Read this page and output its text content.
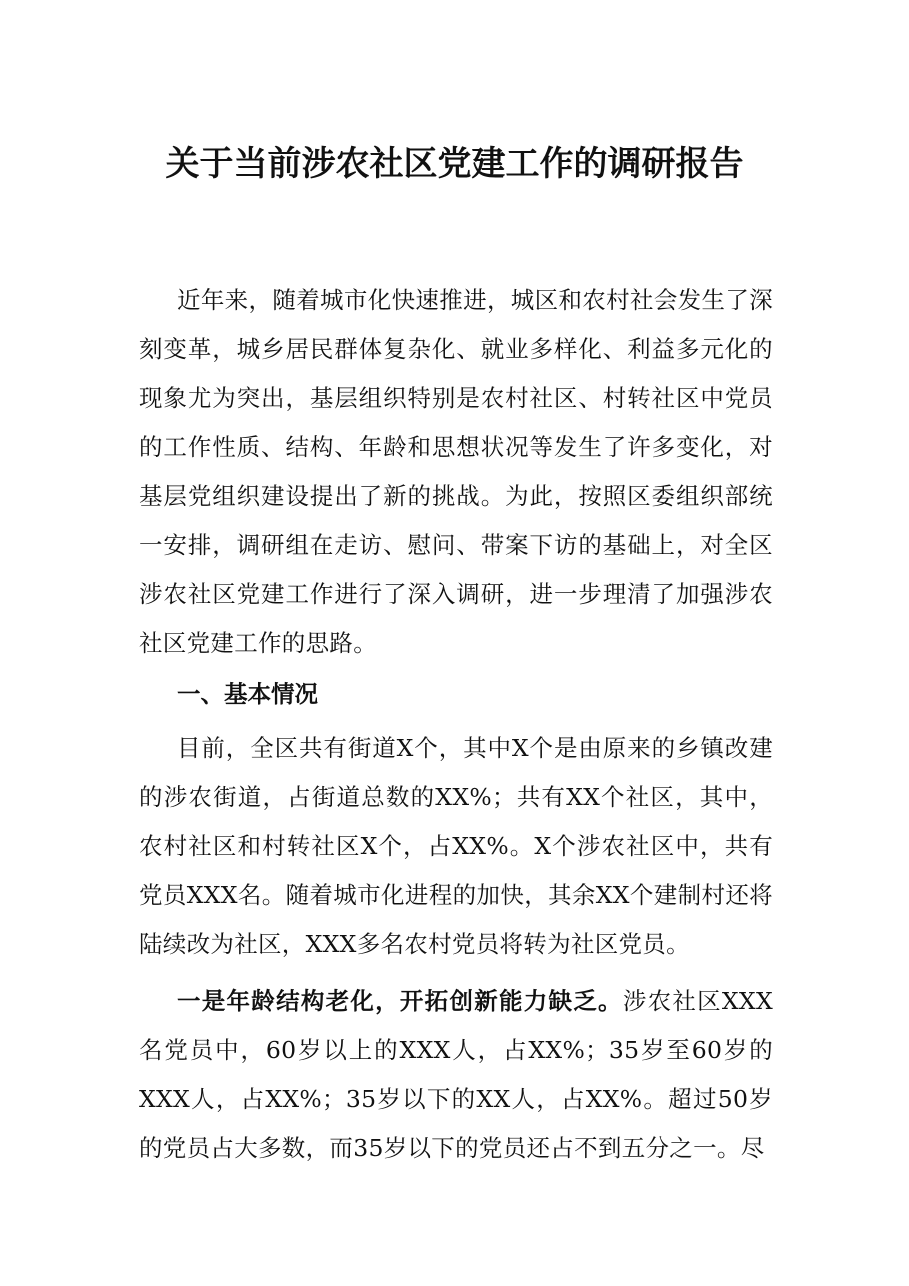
关于当前涉农社区党建工作的调研报告

近年来，随着城市化快速推进，城区和农村社会发生了深刻变革，城乡居民群体复杂化、就业多样化、利益多元化的现象尤为突出，基层组织特别是农村社区、村转社区中党员的工作性质、结构、年龄和思想状况等发生了许多变化，对基层党组织建设提出了新的挑战。为此，按照区委组织部统一安排，调研组在走访、慰问、带案下访的基础上，对全区涉农社区党建工作进行了深入调研，进一步理清了加强涉农社区党建工作的思路。

一、基本情况

目前，全区共有街道X个，其中X个是由原来的乡镇改建的涉农街道，占街道总数的XX%；共有XX个社区，其中，农村社区和村转社区X个，占XX%。X个涉农社区中，共有党员XXX名。随着城市化进程的加快，其余XX个建制村还将陆续改为社区，XXX多名农村党员将转为社区党员。

一是年龄结构老化，开拓创新能力缺乏。涉农社区XXX名党员中，60岁以上的XXX人，占XX%；35岁至60岁的XXX人，占XX%；35岁以下的XX人，占XX%。超过50岁的党员占大多数，而35岁以下的党员还占不到五分之一。尽
